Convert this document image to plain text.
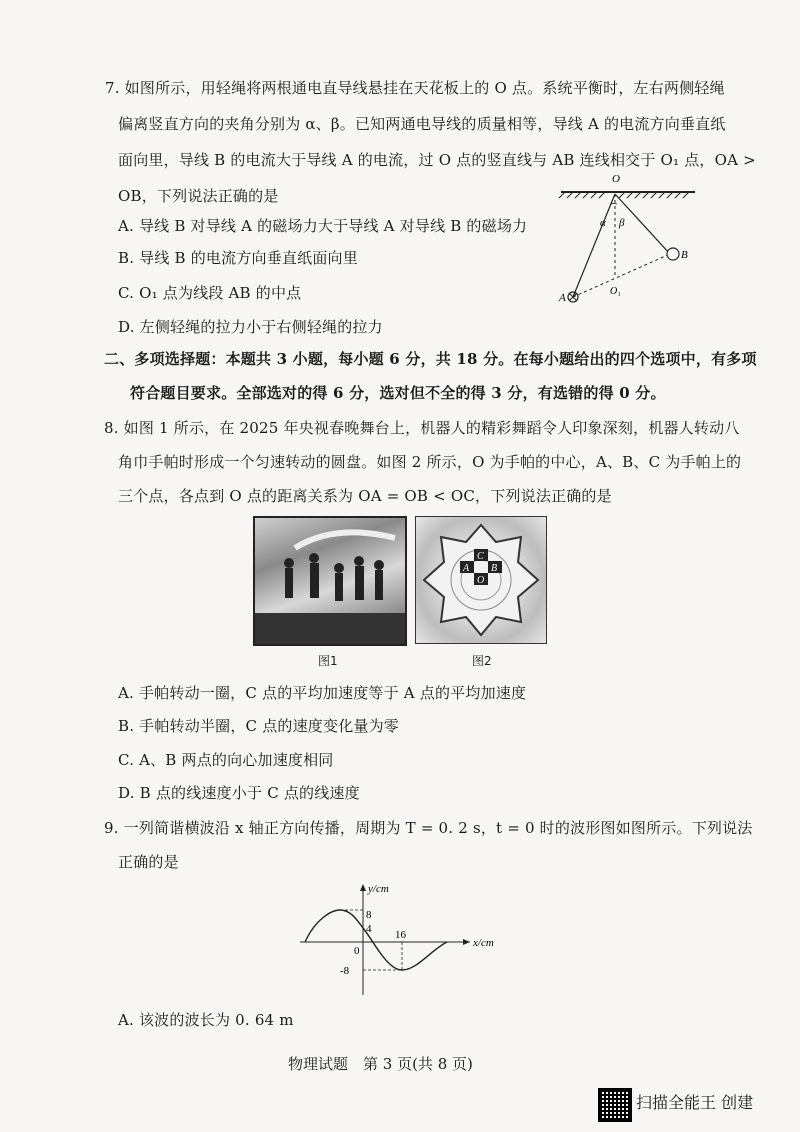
7. 如图所示，用轻绳将两根通电直导线悬挂在天花板上的 O 点。系统平衡时，左右两侧轻绳
偏离竖直方向的夹角分别为 α、β。已知两通电导线的质量相等，导线 A 的电流方向垂直纸
面向里，导线 B 的电流大于导线 A 的电流，过 O 点的竖直线与 AB 连线相交于 O₁ 点，OA >
OB，下列说法正确的是
A. 导线 B 对导线 A 的磁场力大于导线 A 对导线 B 的磁场力
B. 导线 B 的电流方向垂直纸面向里
C. O₁ 点为线段 AB 的中点
D. 左侧轻绳的拉力小于右侧轻绳的拉力
O
α β
A
B
O₁
二、多项选择题：本题共 3 小题，每小题 6 分，共 18 分。在每小题给出的四个选项中，有多项
符合题目要求。全部选对的得 6 分，选对但不全的得 3 分，有选错的得 0 分。
8. 如图 1 所示，在 2025 年央视春晚舞台上，机器人的精彩舞蹈令人印象深刻，机器人转动八
角巾手帕时形成一个匀速转动的圆盘。如图 2 所示，O 为手帕的中心，A、B、C 为手帕上的
三个点，各点到 O 点的距离关系为 OA = OB < OC，下列说法正确的是
C
A B
O
图1	图2
A. 手帕转动一圈，C 点的平均加速度等于 A 点的平均加速度
B. 手帕转动半圈，C 点的速度变化量为零
C. A、B 两点的向心加速度相同
D. B 点的线速度小于 C 点的线速度
9. 一列简谐横波沿 x 轴正方向传播，周期为 T = 0. 2 s，t = 0 时的波形图如图所示。下列说法
正确的是
y/cm
x/cm
8
4
0
16
-8
A. 该波的波长为 0. 64 m
物理试题　第 3 页(共 8 页)
扫描全能王 创建
